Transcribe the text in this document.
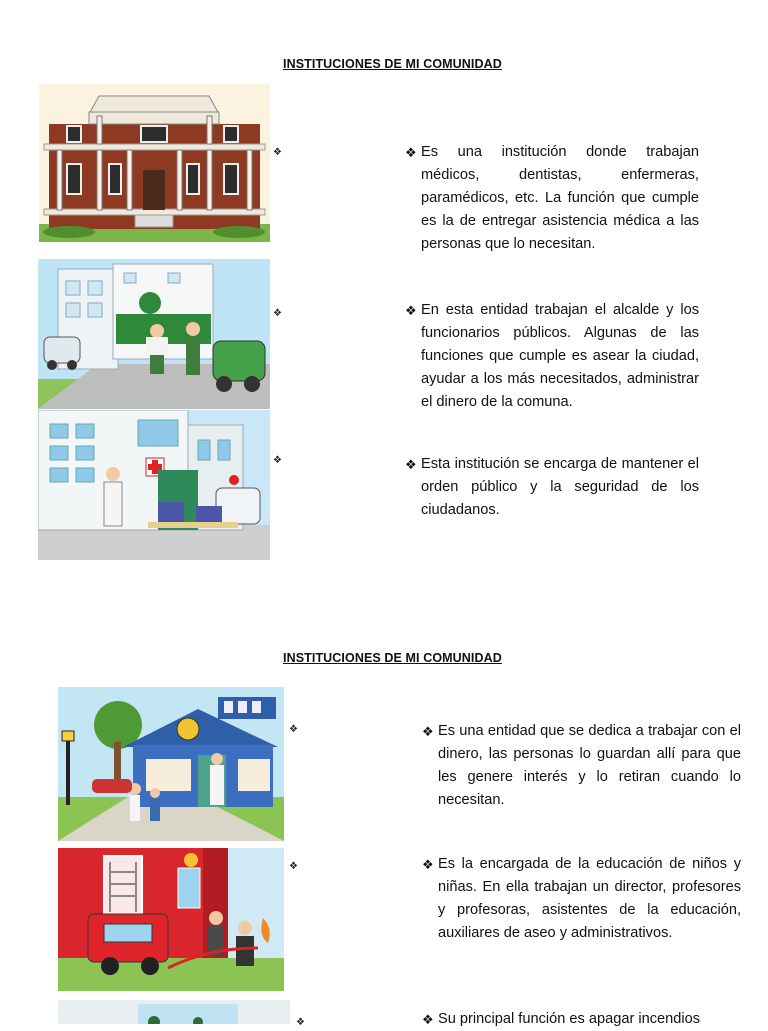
INSTITUCIONES DE MI COMUNIDAD
❖
❖
❖
❖ Es una institución donde trabajan médicos, dentistas, enfermeras, paramédicos, etc. La función que cumple es la de entregar asistencia médica a las personas que lo necesitan.
❖ En esta entidad trabajan el alcalde y los funcionarios públicos. Algunas de las funciones que cumple es asear la ciudad, ayudar a los más necesitados, administrar el dinero de la comuna.
❖ Esta institución se encarga de mantener el orden público y la seguridad de los ciudadanos.
INSTITUCIONES DE MI COMUNIDAD
❖
❖
❖
❖ Es una entidad que se dedica a trabajar con el dinero, las personas lo guardan allí para que les genere interés y lo retiran cuando lo necesitan.
❖ Es la encargada de la educación de niños y niñas. En ella trabajan un director, profesores y profesoras, asistentes de la educación, auxiliares de aseo y administrativos.
❖ Su principal función es apagar incendios
